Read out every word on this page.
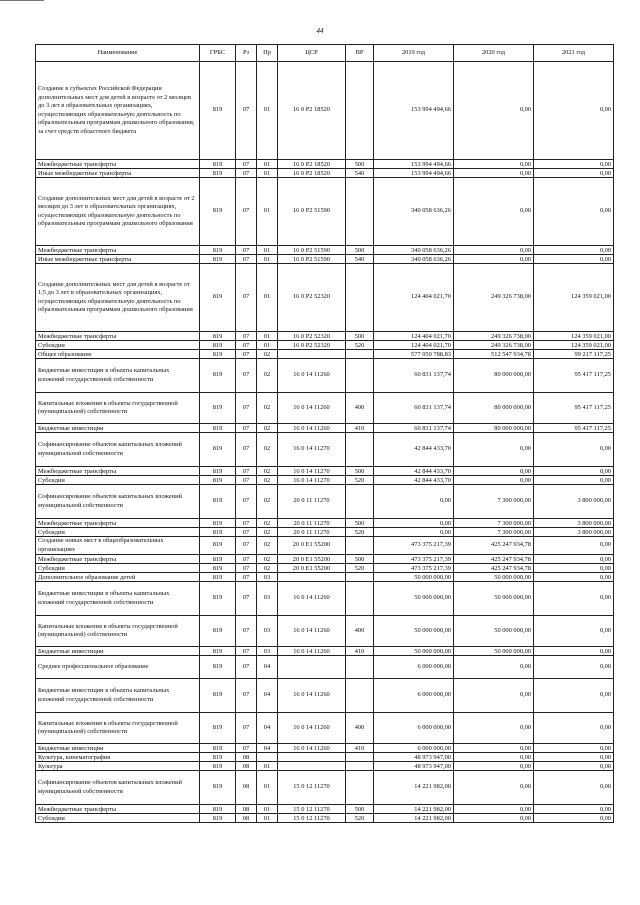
44
Наименование	ГРБС	Рз	Пр	ЦСР	ВР	2019 год	2020 год	2021 год
Создание в субъектах Российской Федерации дополнительных мест для детей в возрасте от 2 месяцев до 3 лет в образовательных организациях, осуществляющих образовательную деятельность по образовательным программам дошкольного образования, за счет средств областного бюджета	819	07	01	16 0 P2 18520		153 994 494,66	0,00	0,00
Межбюджетные трансферты	819	07	01	16 0 P2 18520	500	153 994 494,66	0,00	0,00
Иные межбюджетные трансферты	819	07	01	16 0 P2 18520	540	153 994 494,66	0,00	0,00
Создание дополнительных мест для детей в возрасте от 2 месяцев до 3 лет в образовательных организациях, осуществляющих образовательную деятельность по образовательным программам дошкольного образования	819	07	01	16 0 P2 51590		340 058 636,26	0,00	0,00
Межбюджетные трансферты	819	07	01	16 0 P2 51590	500	340 058 636,26	0,00	0,00
Иные межбюджетные трансферты	819	07	01	16 0 P2 51590	540	340 058 636,26	0,00	0,00
Создание дополнительных мест для детей в возрасте от 1,5 до 3 лет в образовательных организациях, осуществляющих образовательную деятельность по образовательным программам дошкольного образования	819	07	01	16 0 P2 52320		124 404 021,70	249 326 738,00	124 359 021,00
Межбюджетные трансферты	819	07	01	16 0 P2 52320	500	124 404 021,70	249 326 738,00	124 359 021,00
Субсидии	819	07	01	16 0 P2 52320	520	124 404 021,70	249 326 738,00	124 359 021,00
Общее образование	819	07	02			577 050 788,83	512 547 934,78	99 217 117,25
Бюджетные инвестиции в объекты капитальных вложений государственной собственности	819	07	02	16 0 14 11260		60 831 137,74	80 000 000,00	95 417 117,25
Капитальные вложения в объекты государственной (муниципальной) собственности	819	07	02	16 0 14 11260	400	60 831 137,74	80 000 000,00	95 417 117,25
Бюджетные инвестиции	819	07	02	16 0 14 11260	410	60 831 137,74	80 000 000,00	95 417 117,25
Софинансирование объектов капитальных вложений муниципальной собственности	819	07	02	16 0 14 11270		42 844 433,70	0,00	0,00
Межбюджетные трансферты	819	07	02	16 0 14 11270	500	42 844 433,70	0,00	0,00
Субсидии	819	07	02	16 0 14 11270	520	42 844 433,70	0,00	0,00
Софинансирование объектов капитальных вложений муниципальной собственности	819	07	02	20 0 11 11270		0,00	7 300 000,00	3 800 000,00
Межбюджетные трансферты	819	07	02	20 0 11 11270	500	0,00	7 300 000,00	3 800 000,00
Субсидии	819	07	02	20 0 11 11270	520	0,00	7 300 000,00	3 800 000,00
Создание новых мест в общеобразовательных организациях	819	07	02	20 0 E1 55200		473 375 217,39	425 247 934,78	0,00
Межбюджетные трансферты	819	07	02	20 0 E1 55200	500	473 375 217,39	425 247 934,78	0,00
Субсидии	819	07	02	20 0 E1 55200	520	473 375 217,39	425 247 934,78	0,00
Дополнительное образование детей	819	07	03			50 000 000,00	50 000 000,00	0,00
Бюджетные инвестиции в объекты капитальных вложений государственной собственности	819	07	03	16 0 14 11260		50 000 000,00	50 000 000,00	0,00
Капитальные вложения в объекты государственной (муниципальной) собственности	819	07	03	16 0 14 11260	400	50 000 000,00	50 000 000,00	0,00
Бюджетные инвестиции	819	07	03	16 0 14 11260	410	50 000 000,00	50 000 000,00	0,00
Среднее профессиональное образование	819	07	04			6 000 000,00	0,00	0,00
Бюджетные инвестиции в объекты капитальных вложений государственной собственности	819	07	04	16 0 14 11260		6 000 000,00	0,00	0,00
Капитальные вложения в объекты государственной (муниципальной) собственности	819	07	04	16 0 14 11260	400	6 000 000,00	0,00	0,00
Бюджетные инвестиции	819	07	04	16 0 14 11260	410	6 000 000,00	0,00	0,00
Культура, кинематография	819	08				48 973 947,00	0,00	0,00
Культура	819	08	01			48 973 947,00	0,00	0,00
Софинансирование объектов капитальных вложений муниципальной собственности	819	08	01	15 0 12 11270		14 221 982,00	0,00	0,00
Межбюджетные трансферты	819	08	01	15 0 12 11270	500	14 221 982,00	0,00	0,00
Субсидии	819	08	01	15 0 12 11270	520	14 221 982,00	0,00	0,00
